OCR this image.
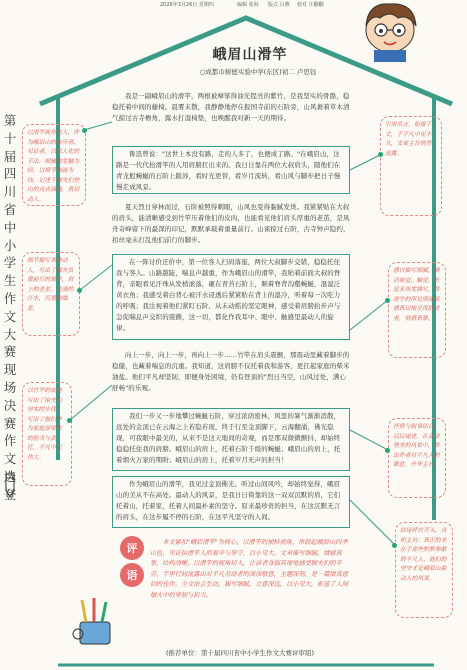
2026年3月26日 星期四	编辑 张海 版式 吕燕 校对 庄翻翻
峨眉山滑竿
○成都市树德实验中学(东区)初二 卢思钰
第十届四川省中小学生作文大赛现场决赛作文选登
我是一副峨眉山的滑竿，两根被摩挲得油光锃亮的紫竹，是我坚实的骨骼，稳稳托着中间的藤椅。晨雾未散，我静静地停在报国寺前的石阶旁，山风裹着草木清气掠过古寺檐角，露水打湿椅垫，也唤醒我对新一天的期待。
鲁迅曾说："这世上本没有路，走的人多了，也便成了路。"在峨眉山，这路是一代代抬滑竿的人用肩膀扛出来的。我日日靠在两位大叔肩头，随他们在青龙般蜿蜒的石阶上跋涉，看时光更替，看岁月流转，看山风与脚步把日子慢慢走成风景。
夏天烈日穿林而过，石阶被照得刺眼，山风也变得黏腻发烫。我紧紧贴在大叔的肩头，能清晰感受到竹竿压着他们的皮肉，也能看见他们肩头厚重的老茧，是凤舟奇峰留下的最深的印记，默默承载着重量前行。山雀掠过石阶，古寺钟声隐约，扣丝毫未打乱他们前行的脚步。
在一阵讨价还价中，第一位客人扫码落座，两位大叔脚步交错，稳稳托住我与客人。山路越陡，喘息声越重，作为峨眉山的滑竿，我贴着前面大叔的脊背，亲眼看见汗珠从发梢滚落，砸在青苔石阶上，顺着脊背沟壑蜿蜒，混湿泛黄衣角；我感受着白背心被汗水浸透后紧紧贴在背上的湿冷，听着每一次吃力的呼吸；我注视着他们紧盯石阶、从未动摇的坚定眼神，感受着肩膀抬步声与急促喘息声交织的震颤，这一切，都化作我耳中、眼中、触感里最动人的旋律。
向上一步，向上一步，再向上一步……竹竿在肩头震颤，那震动里藏着脚步的稳健，也藏着喘息的沉重。我知道，这肩膀不仅托着我和游客，更扛起家庭的柴米油盐。他们平凡却坚韧，即便身处困境，仍有登顶的"烈日当空，山风过处，满心舒畅"的乐观。
我们一步又一步地攀过蜿蜒石阶，穿过浓荫密林，风里的暑气渐渐消散，远处的金顶已在云海之上若隐若现，终于行至金顶脚下，云海翻涌，佛光隐现，可我眼中最美的，从来不是这天地间的奇观，而是那双微微颤抖、却始终稳稳托住我的肩膀。峨眉山的肩上，托着石阶千级的蜿蜒；峨眉山的肩上，托着烟火万家的期盼；峨眉山的肩上，托着岁月无声的担当！
作为峨眉山的滑竿，我见过金顶佛光、听过山间风吟，却始终觉得，峨眉山的美从不在高处。最动人的风景，是我日日倚靠的这一双双沉默的肩，它们托着山，托着家，托着人间最朴素的坚守。原来最珍贵的担当，在这沉默无言的肩头，在这步履不停的石阶，在这平凡坚守的人间。
以滑竿视角切入，作为峨眉山的亲历者、见证者，以拟人化的手法、细腻的笔触为经，以细节刻画为纬，记述下脚夫们登山的点点滴滴，真切动人。
细节描写真挚动人，写出了脚夫负重前行的艰辛，肩上的老茧，流淌的汗水，沉重的喘息。
以竹竿的震动写出了抬夫们坚实的步伐，写出了他们作为家庭顶梁柱的担当与责任，平凡中见伟大。
引用名言，衔接下文，于平凡中见不凡，文章主旨悄然流露。
感官描写细腻，调动视觉、触觉、听觉多角度描写，将滑竿的所见所闻所感真切地呈现给读者，情感真挚。
抒情与叙事结合，层层递进，在金顶绝美的风景中，突出作者对平凡人的敬意，升华主旨。
结尾呼应开头，点明主旨：真正的美在于那些默默奉献的平凡人，他们的坚守才是峨眉山最动人的风景。
评
语
本文紧扣"峨眉滑竿"为核心，以滑竿的独特视角，串联起峨眉山四季山色，见证抬滑竿人的艰辛与坚守，以小见大。文章描写细腻，情感真挚，结构清晰，以滑竿的视角切入，让读者身临其境地感受脚夫们的辛劳，字里行间流露出对平凡劳动者的深深敬意，主题深刻，是一篇情真意切的佳作。全文语言生动，描写细腻，立意深远，以小见大，彰显了人间烟火中的坚韧与担当。
(推荐单位：第十届四川省中小学生作文大赛评审组)
